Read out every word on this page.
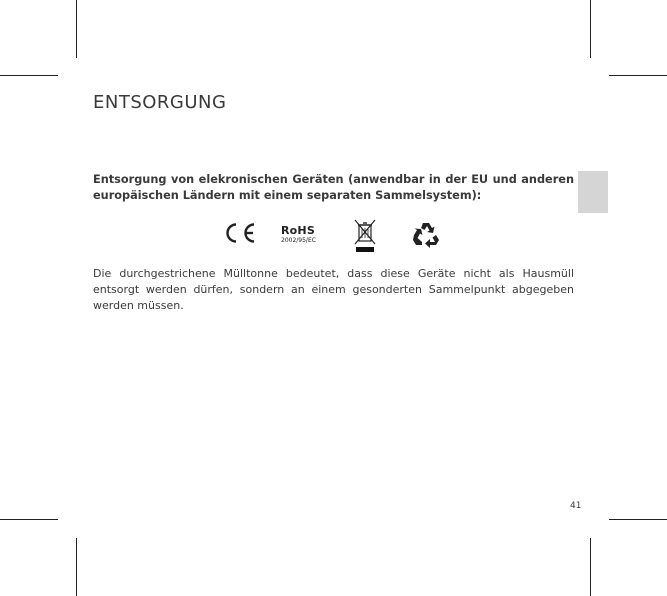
ENTSORGUNG
Entsorgung von elekronischen Geräten (anwendbar in der EU und anderen europäischen Ländern mit einem separaten Sammelsystem):
RoHS
2002/95/EC
Die durchgestrichene Mülltonne bedeutet, dass diese Geräte nicht als Hausmüll entsorgt werden dürfen, sondern an einem gesonderten Sammelpunkt abgegeben werden müssen.
41
